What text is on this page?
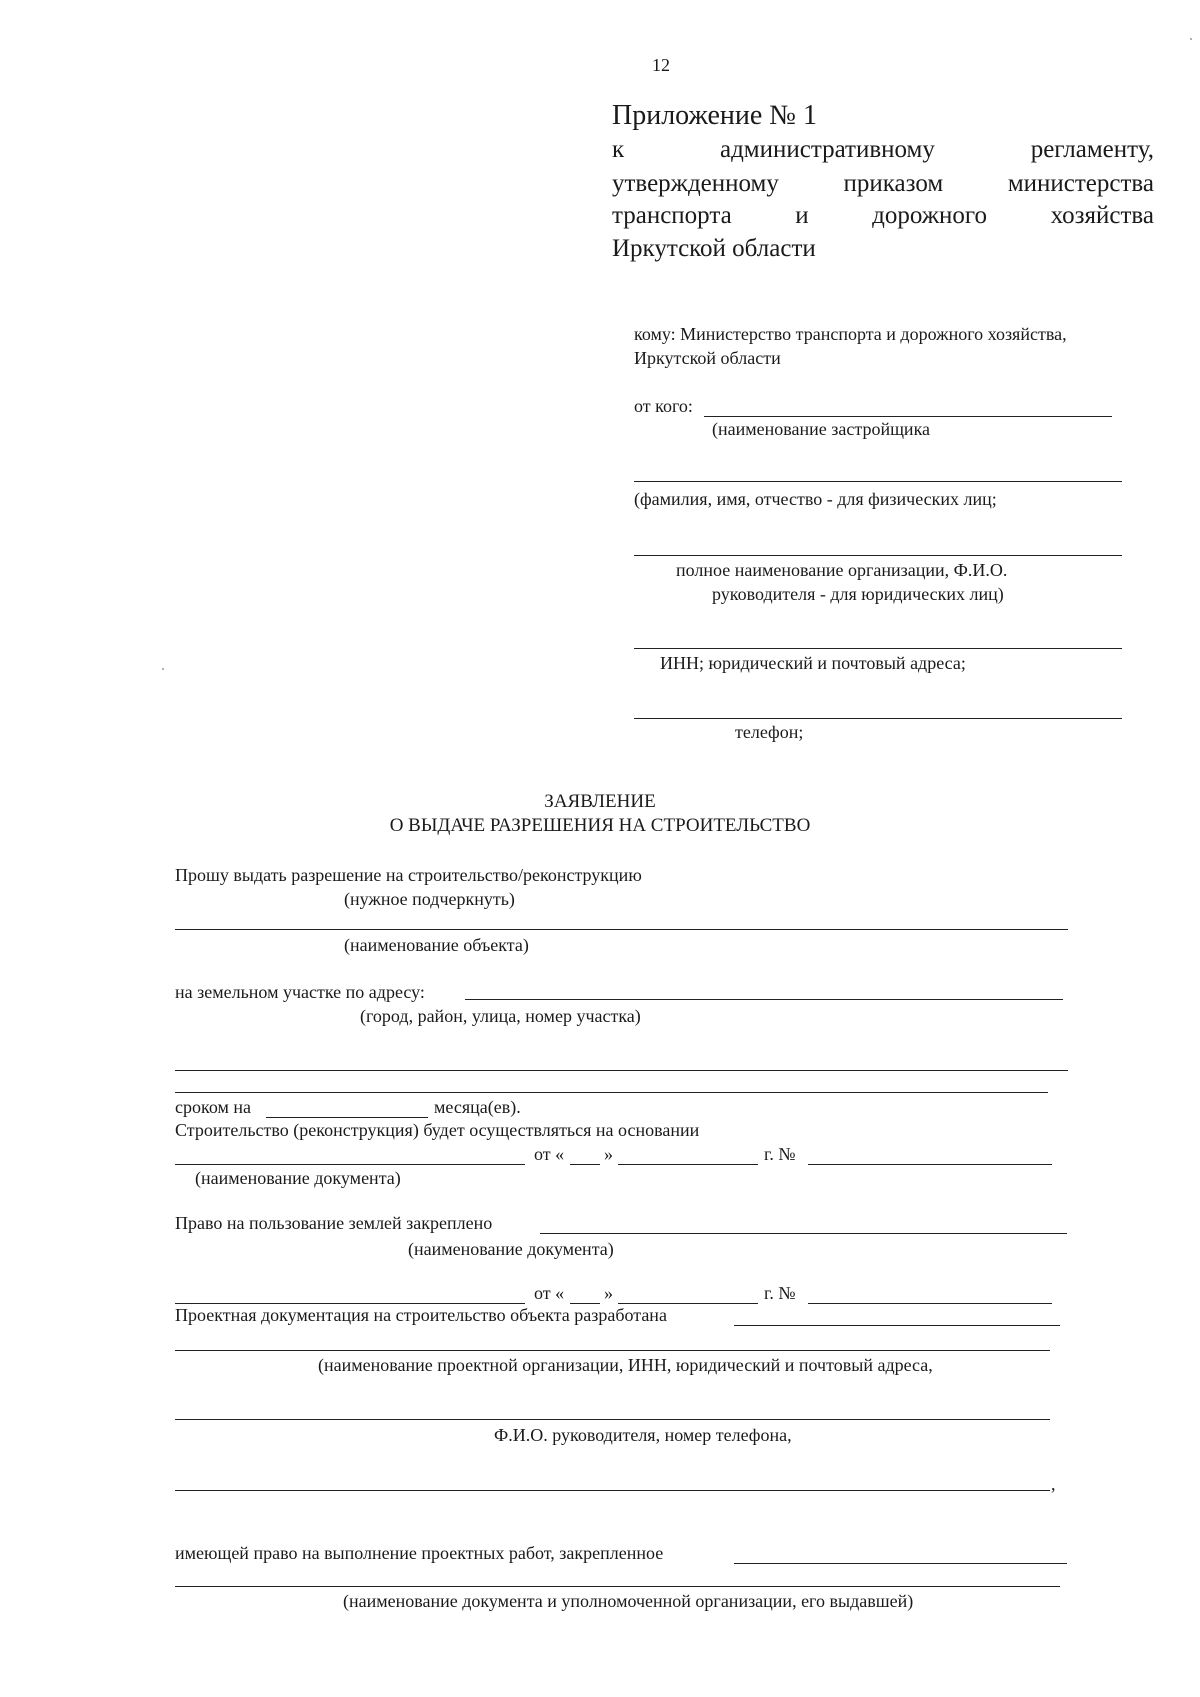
12
Приложение № 1
к	административному	регламенту,
утвержденному	приказом	министерства
транспорта	и	дорожного	хозяйства
Иркутской области
кому: Министерство транспорта и дорожного хозяйства,
Иркутской области
от кого:
(наименование застройщика
(фамилия, имя, отчество - для физических лиц;
полное наименование организации, Ф.И.О.
руководителя - для юридических лиц)
ИНН; юридический и почтовый адреса;
телефон;
ЗАЯВЛЕНИЕ
О ВЫДАЧЕ РАЗРЕШЕНИЯ НА СТРОИТЕЛЬСТВО
Прошу выдать разрешение на строительство/реконструкцию
(нужное подчеркнуть)
(наименование объекта)
на земельном участке по адресу:
(город, район, улица, номер участка)
сроком на	месяца(ев).
Строительство (реконструкция) будет осуществляться на основании
от « »	г. №
(наименование документа)
Право на пользование землей закреплено
(наименование документа)
от « »	г. №
Проектная документация на строительство объекта разработана
(наименование проектной организации, ИНН, юридический и почтовый адреса,
Ф.И.О. руководителя, номер телефона,
,
имеющей право на выполнение проектных работ, закрепленное
(наименование документа и уполномоченной организации, его выдавшей)
